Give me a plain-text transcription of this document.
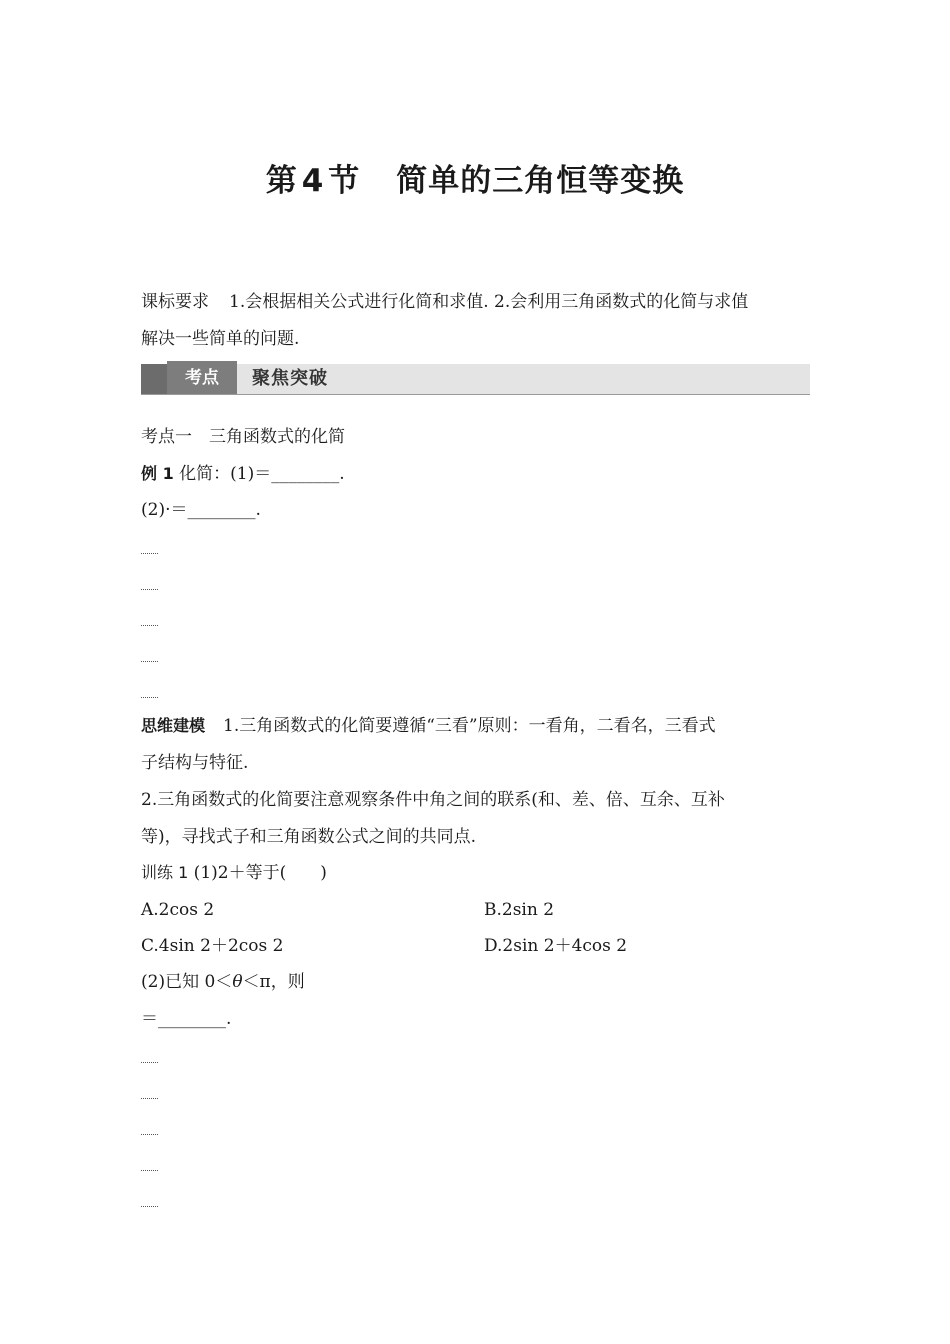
第 4 节 简单的三角恒等变换
课标要求 1.会根据相关公式进行化简和求值. 2.会利用三角函数式的化简与求值
解决一些简单的问题.
考点	聚焦突破
考点一　三角函数式的化简
例 1 化简：(1)＝________.
(2)·＝________.
思维建模 1.三角函数式的化简要遵循“三看”原则：一看角，二看名，三看式
子结构与特征.
2.三角函数式的化简要注意观察条件中角之间的联系(和、差、倍、互余、互补
等)，寻找式子和三角函数公式之间的共同点.
训练 1 (1)2＋等于(　　)
A.2cos 2	B.2sin 2
C.4sin 2＋2cos 2	D.2sin 2＋4cos 2
(2)已知 0＜θ＜π，则
＝________.
